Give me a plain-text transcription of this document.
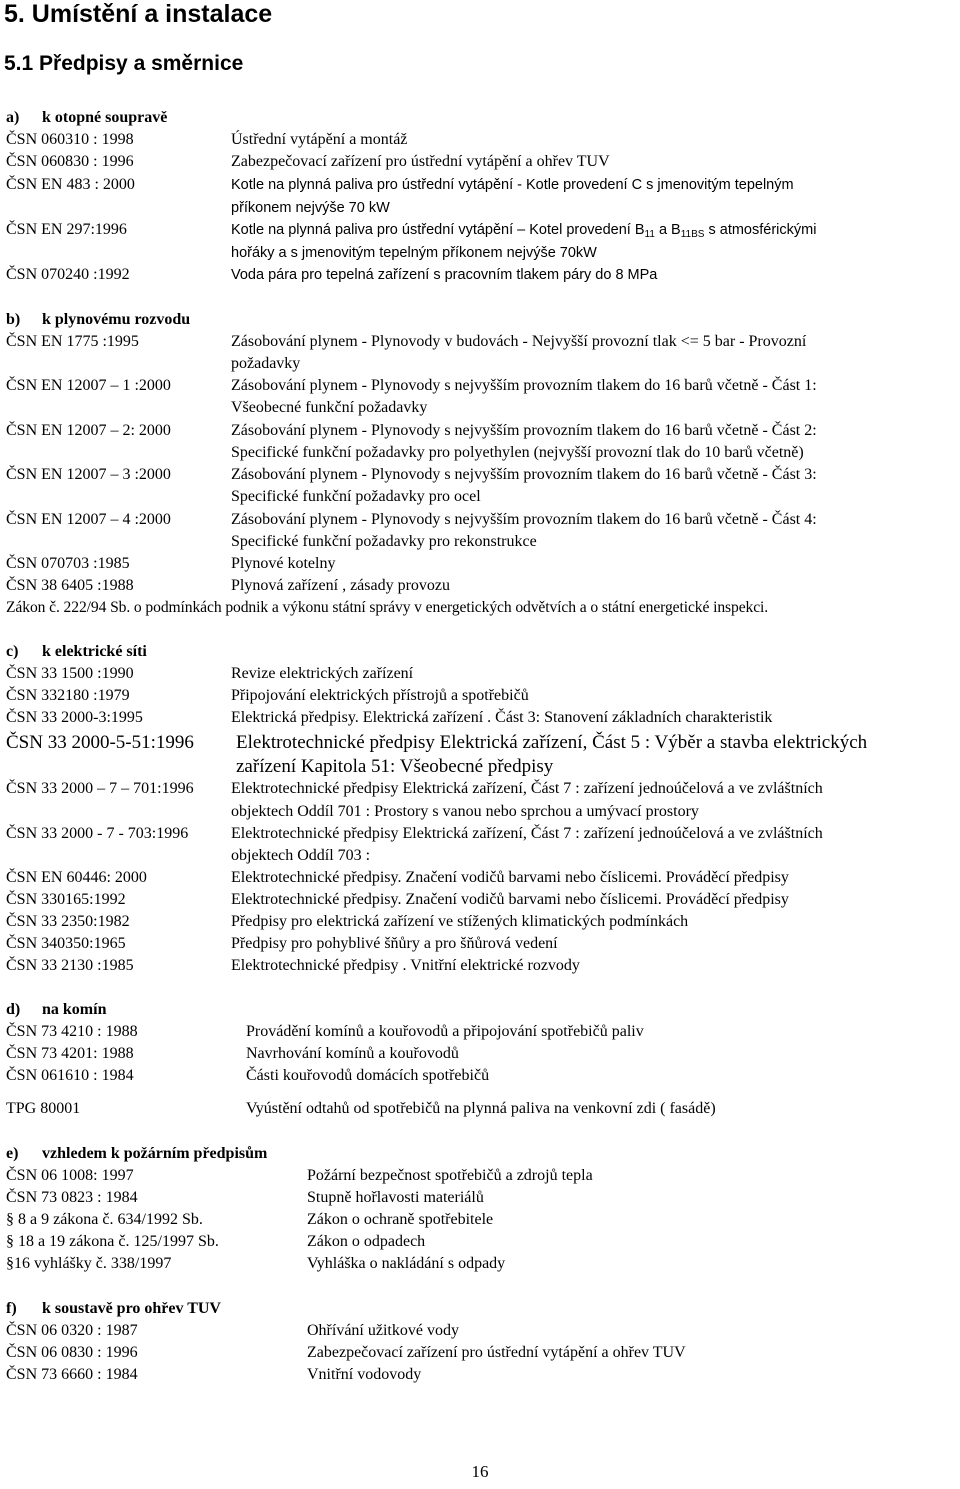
5. Umístění a instalace
5.1 Předpisy a směrnice
a) k otopné soupravě
ČSN 060310 : 1998	Ústřední vytápění a montáž
ČSN 060830 : 1996	Zabezpečovací zařízení pro ústřední vytápění a ohřev TUV
ČSN EN 483 : 2000	Kotle na plynná paliva pro ústřední vytápění - Kotle provedení C s jmenovitým tepelným
příkonem nejvýše 70 kW
ČSN EN 297:1996	Kotle na plynná paliva pro ústřední vytápění – Kotel provedení $B_{11}$ a $B_{11BS}$ s atmosférickými
hořáky a s jmenovitým tepelným příkonem nejvýše 70kW
ČSN 070240 :1992	Voda pára pro tepelná zařízení s pracovním tlakem páry do 8 MPa
b) k plynovému rozvodu
ČSN EN 1775 :1995	Zásobování plynem - Plynovody v budovách - Nejvyšší provozní tlak <= 5 bar - Provozní
požadavky
ČSN EN 12007 – 1 :2000	Zásobování plynem - Plynovody s nejvyšším provozním tlakem do 16 barů včetně - Část 1:
Všeobecné funkční požadavky
ČSN EN 12007 – 2: 2000	Zásobování plynem - Plynovody s nejvyšším provozním tlakem do 16 barů včetně - Část 2:
Specifické funkční požadavky pro polyethylen (nejvyšší provozní tlak do 10 barů včetně)
ČSN EN 12007 – 3 :2000	Zásobování plynem - Plynovody s nejvyšším provozním tlakem do 16 barů včetně - Část 3:
Specifické funkční požadavky pro ocel
ČSN EN 12007 – 4 :2000	Zásobování plynem - Plynovody s nejvyšším provozním tlakem do 16 barů včetně - Část 4:
Specifické funkční požadavky pro rekonstrukce
ČSN 070703 :1985	Plynové kotelny
ČSN 38 6405 :1988	Plynová zařízení , zásady provozu
Zákon č. 222/94 Sb. o podmínkách podnik a výkonu státní správy v energetických odvětvích a o státní energetické inspekci.
c) k elektrické síti
ČSN 33 1500 :1990	Revize elektrických zařízení
ČSN 332180 :1979	Připojování elektrických přístrojů a spotřebičů
ČSN 33 2000-3:1995	Elektrická předpisy. Elektrická zařízení . Část 3: Stanovení základních charakteristik
ČSN 33 2000-5-51:1996 Elektrotechnické předpisy Elektrická zařízení, Část 5 : Výběr a stavba elektrických
zařízení Kapitola 51: Všeobecné předpisy
ČSN 33 2000 – 7 – 701:1996 Elektrotechnické předpisy Elektrická zařízení, Část 7 : zařízení jednoúčelová a ve zvláštních
objektech Oddíl 701 : Prostory s vanou nebo sprchou a umývací prostory
ČSN 33 2000 - 7 - 703:1996	Elektrotechnické předpisy Elektrická zařízení, Část 7 : zařízení jednoúčelová a ve zvláštních
objektech Oddíl 703 :
ČSN EN 60446: 2000	Elektrotechnické předpisy. Značení vodičů barvami nebo číslicemi. Prováděcí předpisy
ČSN 330165:1992	Elektrotechnické předpisy. Značení vodičů barvami nebo číslicemi. Prováděcí předpisy
ČSN 33 2350:1982	Předpisy pro elektrická zařízení ve stížených klimatických podmínkách
ČSN 340350:1965	Předpisy pro pohyblivé šňůry a pro šňůrová vedení
ČSN 33 2130 :1985	Elektrotechnické předpisy . Vnitřní elektrické rozvody
d) na komín
ČSN 73 4210 : 1988	Provádění komínů a kouřovodů a připojování spotřebičů paliv
ČSN 73 4201: 1988	Navrhování komínů a kouřovodů
ČSN 061610 : 1984	Části kouřovodů domácích spotřebičů
TPG 80001	Vyústění odtahů od spotřebičů na plynná paliva na venkovní zdi ( fasádě)
e) vzhledem k požárním předpisům
ČSN 06 1008: 1997	Požární bezpečnost spotřebičů a zdrojů tepla
ČSN 73 0823 : 1984	Stupně hořlavosti materiálů
§ 8 a 9 zákona č. 634/1992 Sb.	Zákon o ochraně spotřebitele
§ 18 a 19 zákona č. 125/1997 Sb.	Zákon o odpadech
§16 vyhlášky č. 338/1997	Vyhláška o nakládání s odpady
f) k soustavě pro ohřev TUV
ČSN 06 0320 : 1987	Ohřívání užitkové vody
ČSN 06 0830 : 1996	Zabezpečovací zařízení pro ústřední vytápění a ohřev TUV
ČSN 73 6660 : 1984	Vnitřní vodovody
16
